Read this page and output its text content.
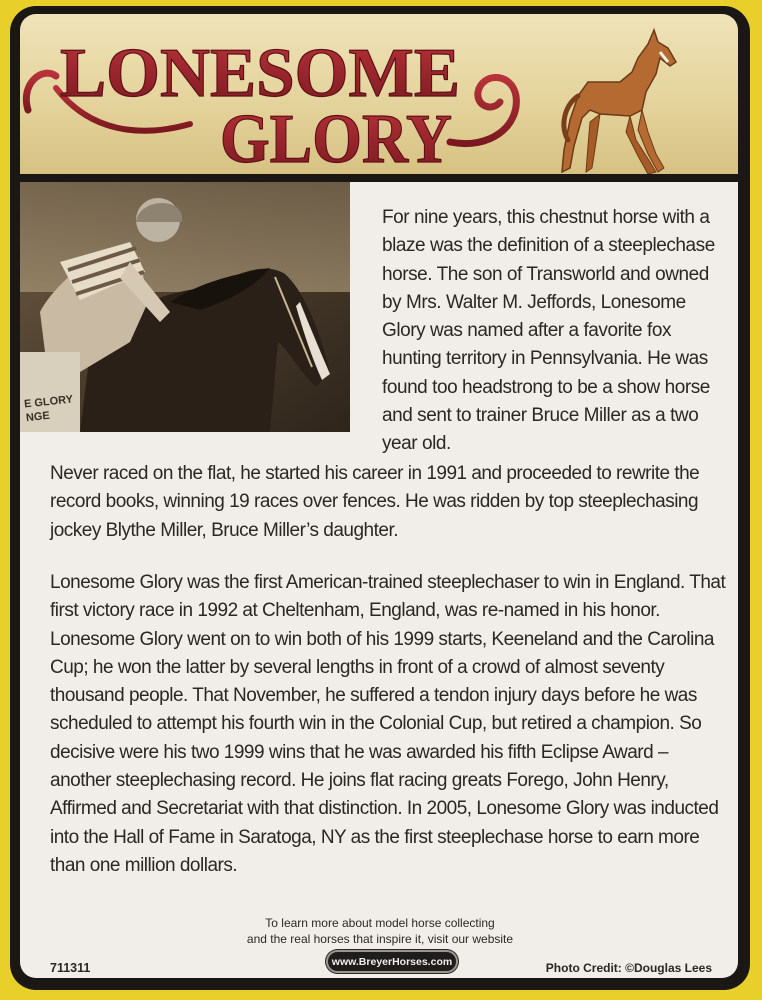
LONESOME
GLORY
E GLORY
NGE

For nine years, this chestnut horse with a blaze was the definition of a steeplechase horse. The son of Transworld and owned by Mrs. Walter M. Jeffords, Lonesome Glory was named after a favorite fox hunting territory in Pennsylvania. He was found too headstrong to be a show horse and sent to trainer Bruce Miller as a two year old.

Never raced on the flat, he started his career in 1991 and proceeded to rewrite the record books, winning 19 races over fences. He was ridden by top steeplechasing jockey Blythe Miller, Bruce Miller’s daughter.

Lonesome Glory was the first American-trained steeplechaser to win in England. That first victory race in 1992 at Cheltenham, England, was re-named in his honor. Lonesome Glory went on to win both of his 1999 starts, Keeneland and the Carolina Cup; he won the latter by several lengths in front of a crowd of almost seventy thousand people. That November, he suffered a tendon injury days before he was scheduled to attempt his fourth win in the Colonial Cup, but retired a champion. So decisive were his two 1999 wins that he was awarded his fifth Eclipse Award – another steeplechasing record. He joins flat racing greats Forego, John Henry, Affirmed and Secretariat with that distinction. In 2005, Lonesome Glory was inducted into the Hall of Fame in Saratoga, NY as the first steeplechase horse to earn more than one million dollars.

To learn more about model horse collecting
and the real horses that inspire it, visit our website
www.BreyerHorses.com
711311	Photo Credit: ©Douglas Lees
